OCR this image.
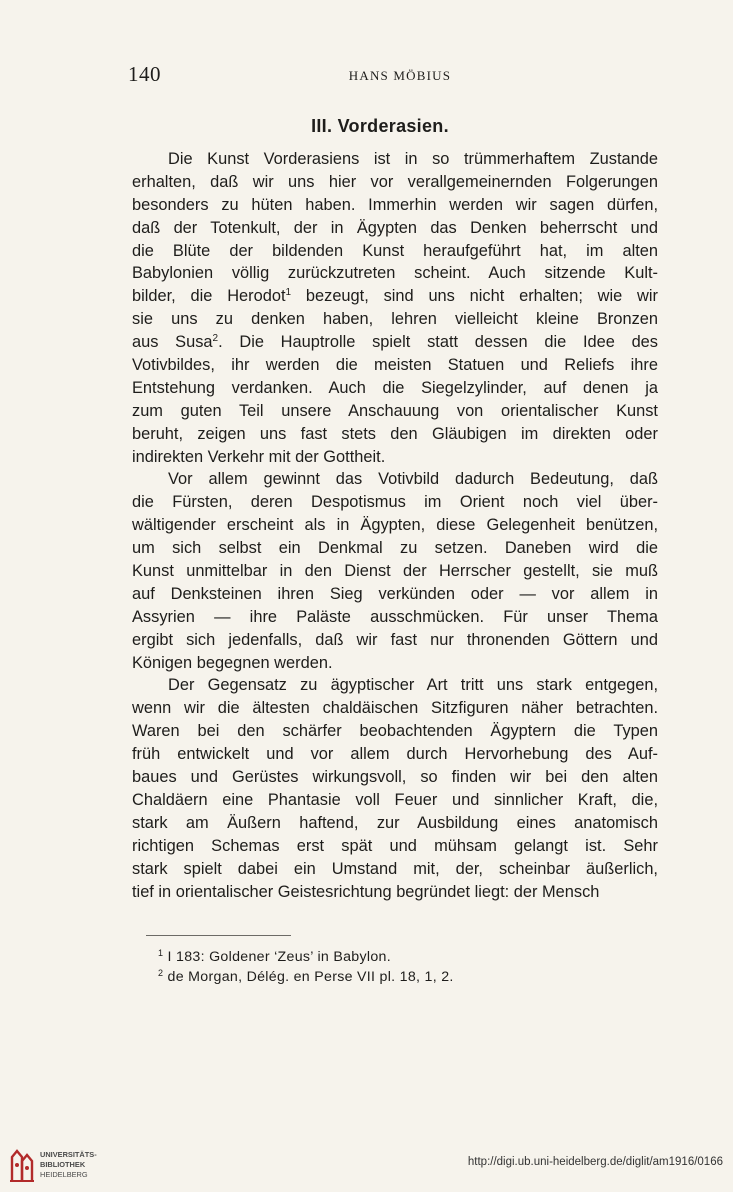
140	HANS MÖBIUS
III. Vorderasien.
Die Kunst Vorderasiens ist in so trümmerhaftem Zustande
erhalten, daß wir uns hier vor verallgemeinernden Folgerungen
besonders zu hüten haben. Immerhin werden wir sagen dürfen,
daß der Totenkult, der in Ägypten das Denken beherrscht und
die Blüte der bildenden Kunst heraufgeführt hat, im alten
Babylonien völlig zurückzutreten scheint. Auch sitzende Kult-
bilder, die Herodot$^1$ bezeugt, sind uns nicht erhalten; wie wir
sie uns zu denken haben, lehren vielleicht kleine Bronzen
aus Susa$^2$. Die Hauptrolle spielt statt dessen die Idee des
Votivbildes, ihr werden die meisten Statuen und Reliefs ihre
Entstehung verdanken. Auch die Siegelzylinder, auf denen ja
zum guten Teil unsere Anschauung von orientalischer Kunst
beruht, zeigen uns fast stets den Gläubigen im direkten oder
indirekten Verkehr mit der Gottheit.
Vor allem gewinnt das Votivbild dadurch Bedeutung, daß
die Fürsten, deren Despotismus im Orient noch viel über-
wältigender erscheint als in Ägypten, diese Gelegenheit benützen,
um sich selbst ein Denkmal zu setzen. Daneben wird die
Kunst unmittelbar in den Dienst der Herrscher gestellt, sie muß
auf Denksteinen ihren Sieg verkünden oder — vor allem in
Assyrien — ihre Paläste ausschmücken. Für unser Thema
ergibt sich jedenfalls, daß wir fast nur thronenden Göttern und
Königen begegnen werden.
Der Gegensatz zu ägyptischer Art tritt uns stark entgegen,
wenn wir die ältesten chaldäischen Sitzfiguren näher betrachten.
Waren bei den schärfer beobachtenden Ägyptern die Typen
früh entwickelt und vor allem durch Hervorhebung des Auf-
baues und Gerüstes wirkungsvoll, so finden wir bei den alten
Chaldäern eine Phantasie voll Feuer und sinnlicher Kraft, die,
stark am Äußern haftend, zur Ausbildung eines anatomisch
richtigen Schemas erst spät und mühsam gelangt ist. Sehr
stark spielt dabei ein Umstand mit, der, scheinbar äußerlich,
tief in orientalischer Geistesrichtung begründet liegt: der Mensch
$^1$ I 183: Goldener ‘Zeus’ in Babylon.
$^2$ de Morgan, Délég. en Perse VII pl. 18, 1, 2.
UNIVERSITÄTS-
BIBLIOTHEK
HEIDELBERG
http://digi.ub.uni-heidelberg.de/diglit/am1916/0166
